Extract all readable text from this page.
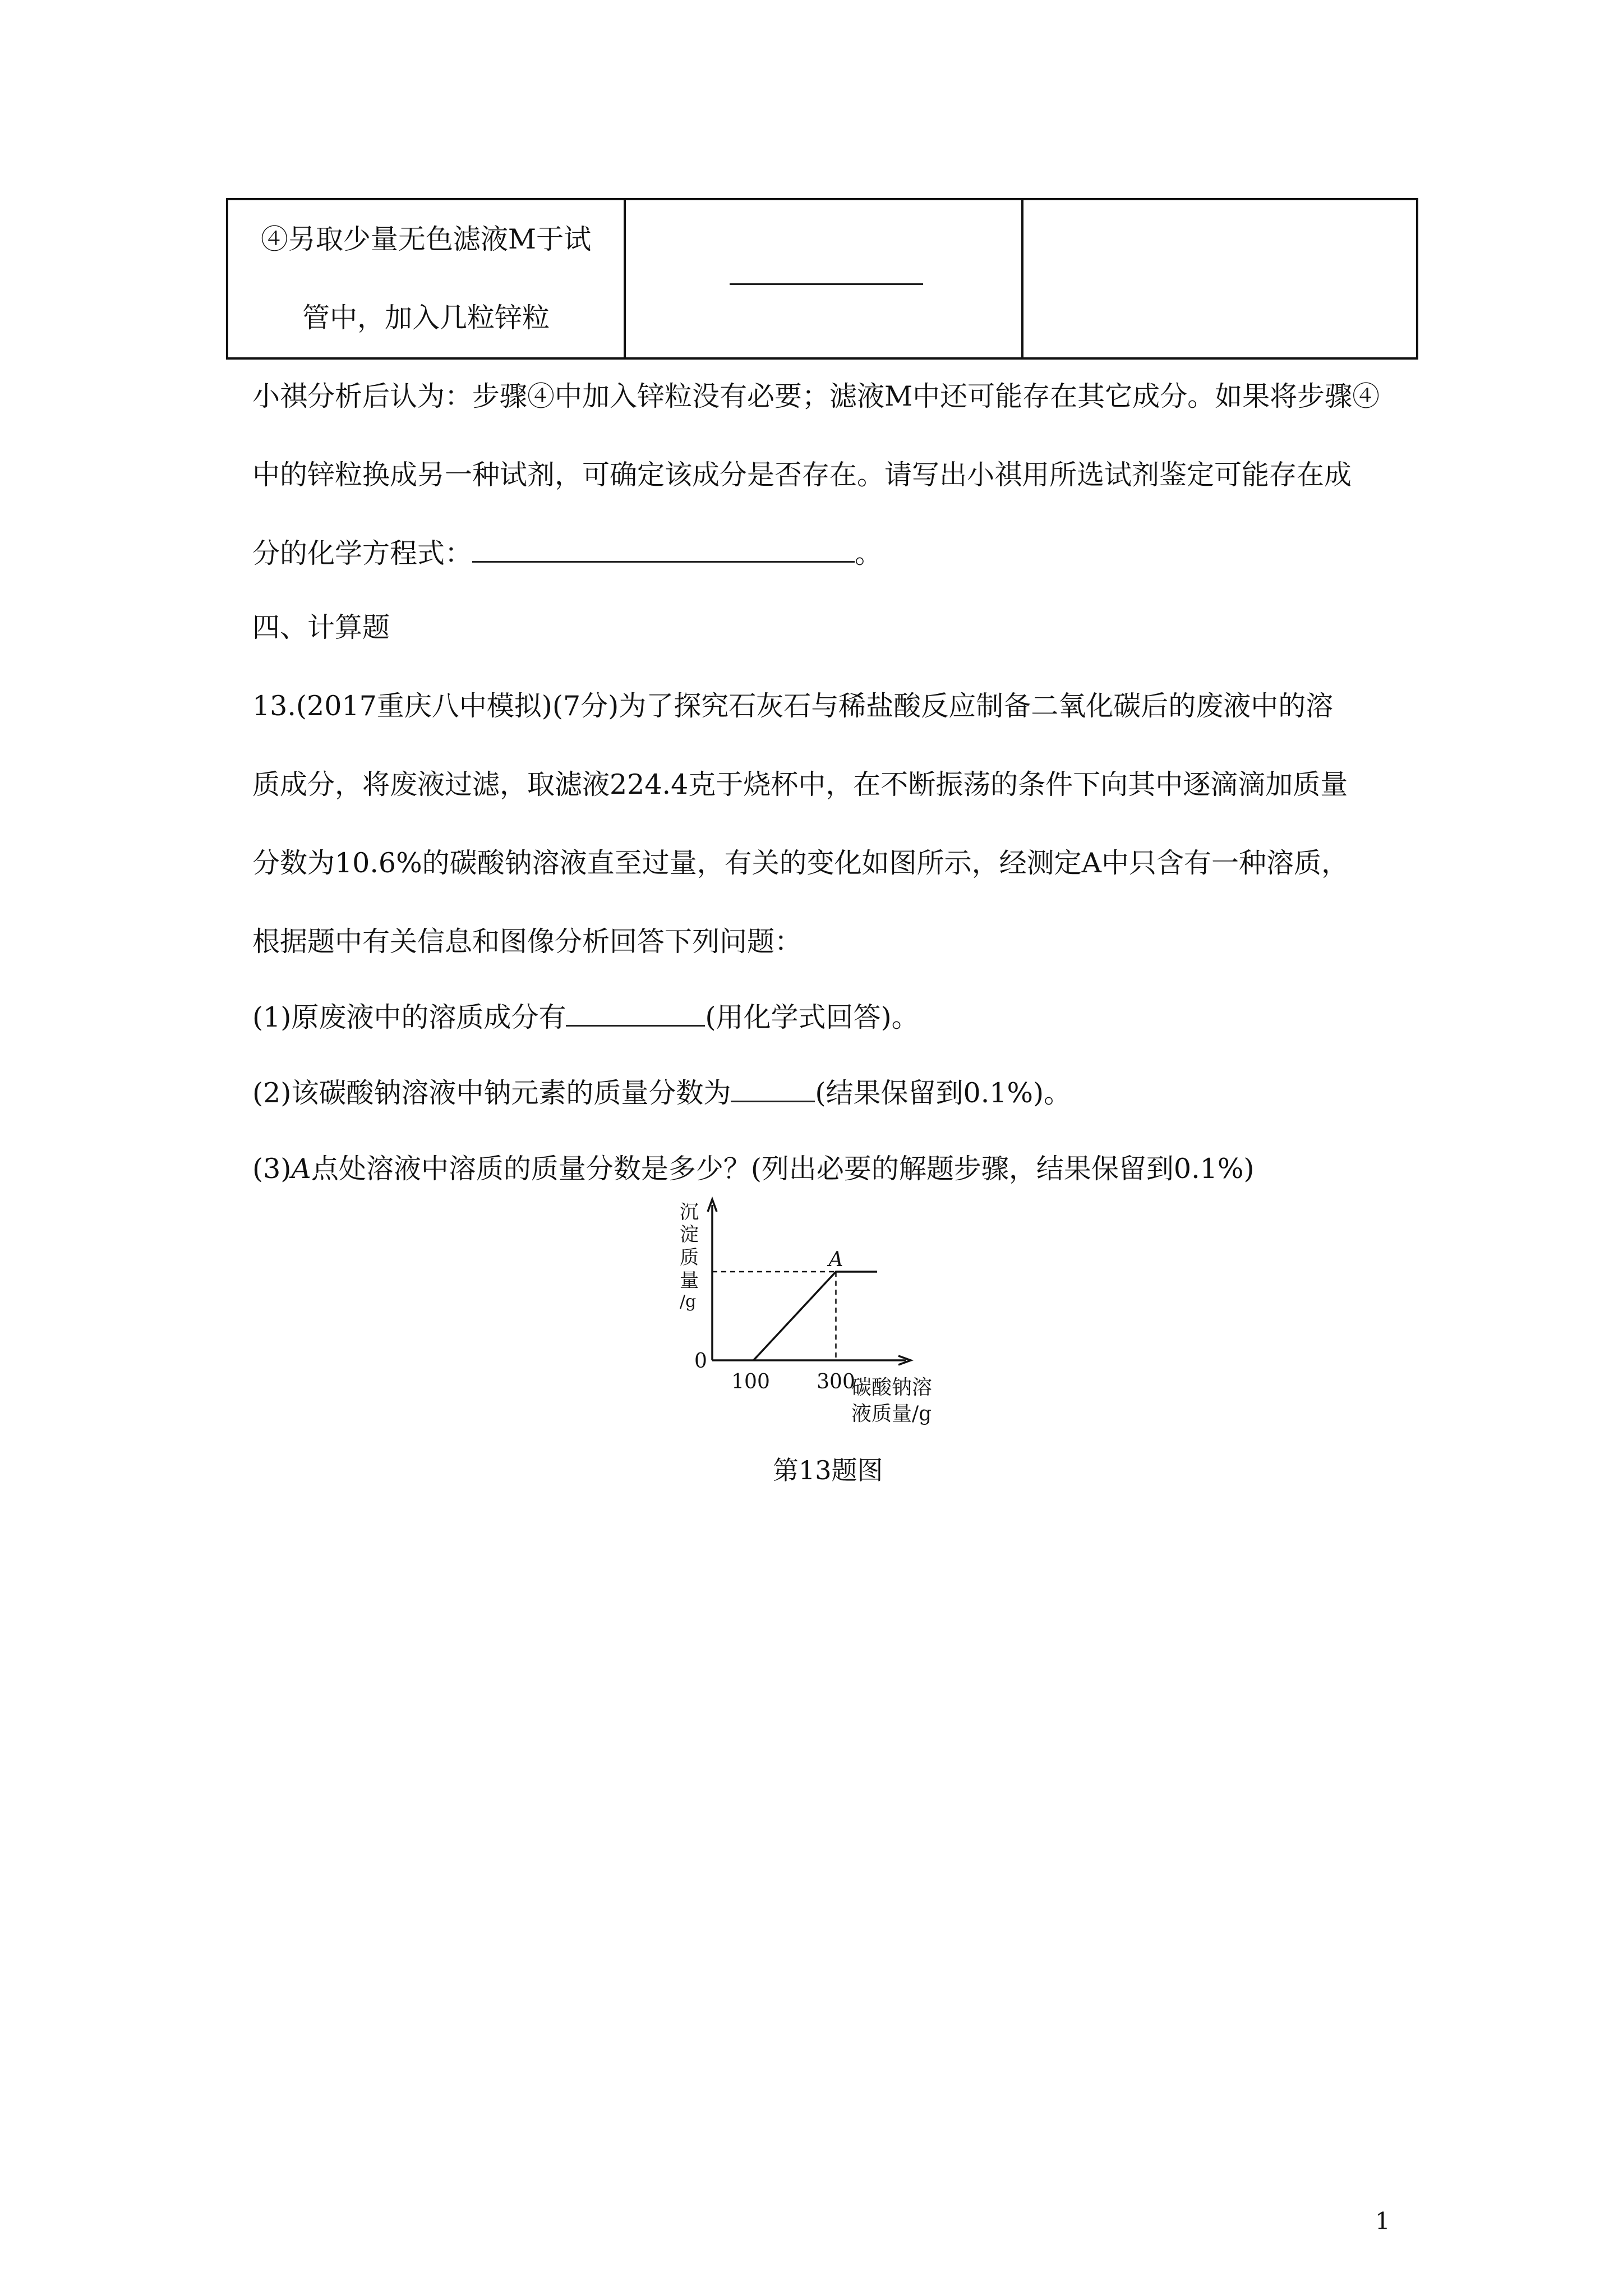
④另取少量无色滤液M于试
管中，加入几粒锌粒

小祺分析后认为：步骤④中加入锌粒没有必要；滤液M中还可能存在其它成分。如果将步骤④
中的锌粒换成另一种试剂，可确定该成分是否存在。请写出小祺用所选试剂鉴定可能存在成
分的化学方程式：	。
四、计算题
13.(2017重庆八中模拟)(7分)为了探究石灰石与稀盐酸反应制备二氧化碳后的废液中的溶
质成分，将废液过滤，取滤液224.4克于烧杯中，在不断振荡的条件下向其中逐滴滴加质量
分数为10.6%的碳酸钠溶液直至过量，有关的变化如图所示，经测定A中只含有一种溶质，
根据题中有关信息和图像分析回答下列问题：
(1)原废液中的溶质成分有	(用化学式回答)。
(2)该碳酸钠溶液中钠元素的质量分数为	(结果保留到0.1%)。
(3)A点处溶液中溶质的质量分数是多少？(列出必要的解题步骤，结果保留到0.1%)
沉
淀
质
量
/g
0
100 300
碳酸钠溶
液质量/g
A
第13题图
1
